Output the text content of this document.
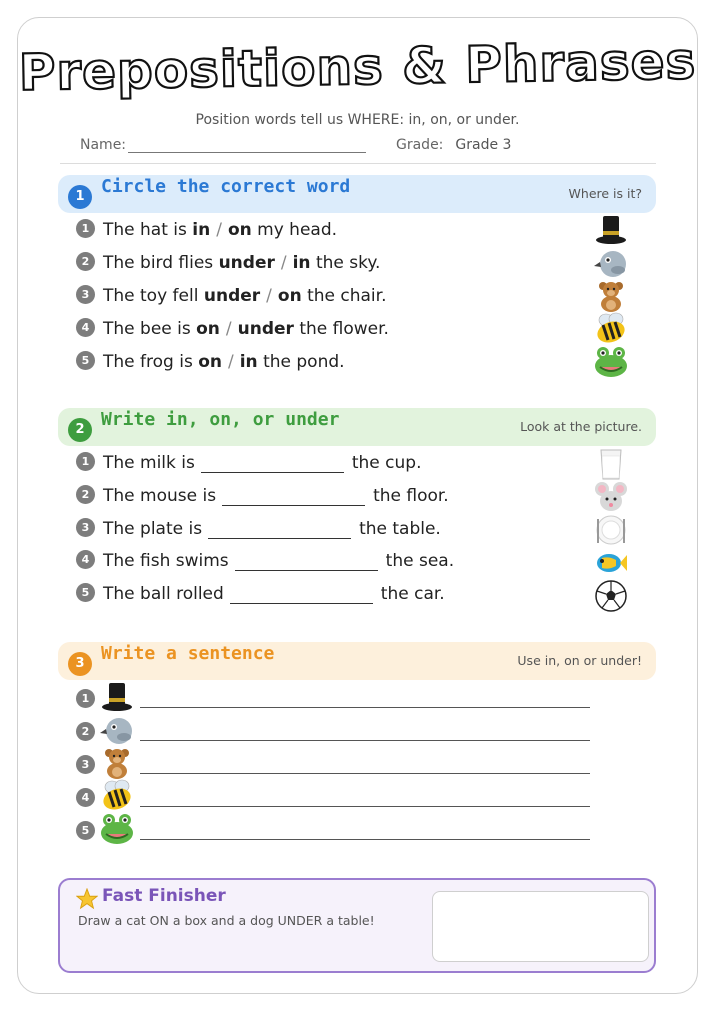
Prepositions & Phrases
Position words tell us WHERE: in, on, or under.
Name:	Grade: Grade 3
1 Circle the correct word	Where is it?
1 The hat is in / on my head.
2 The bird flies under / in the sky.
3 The toy fell under / on the chair.
4 The bee is on / under the flower.
5 The frog is on / in the pond.
2 Write in, on, or under	Look at the picture.
1 The milk is	the cup.
2 The mouse is	the floor.
3 The plate is	the table.
4 The fish swims	the sea.
5 The ball rolled	the car.
3 Write a sentence	Use in, on or under!
1
2
3
4
5
Fast Finisher
Draw a cat ON a box and a dog UNDER a table!
